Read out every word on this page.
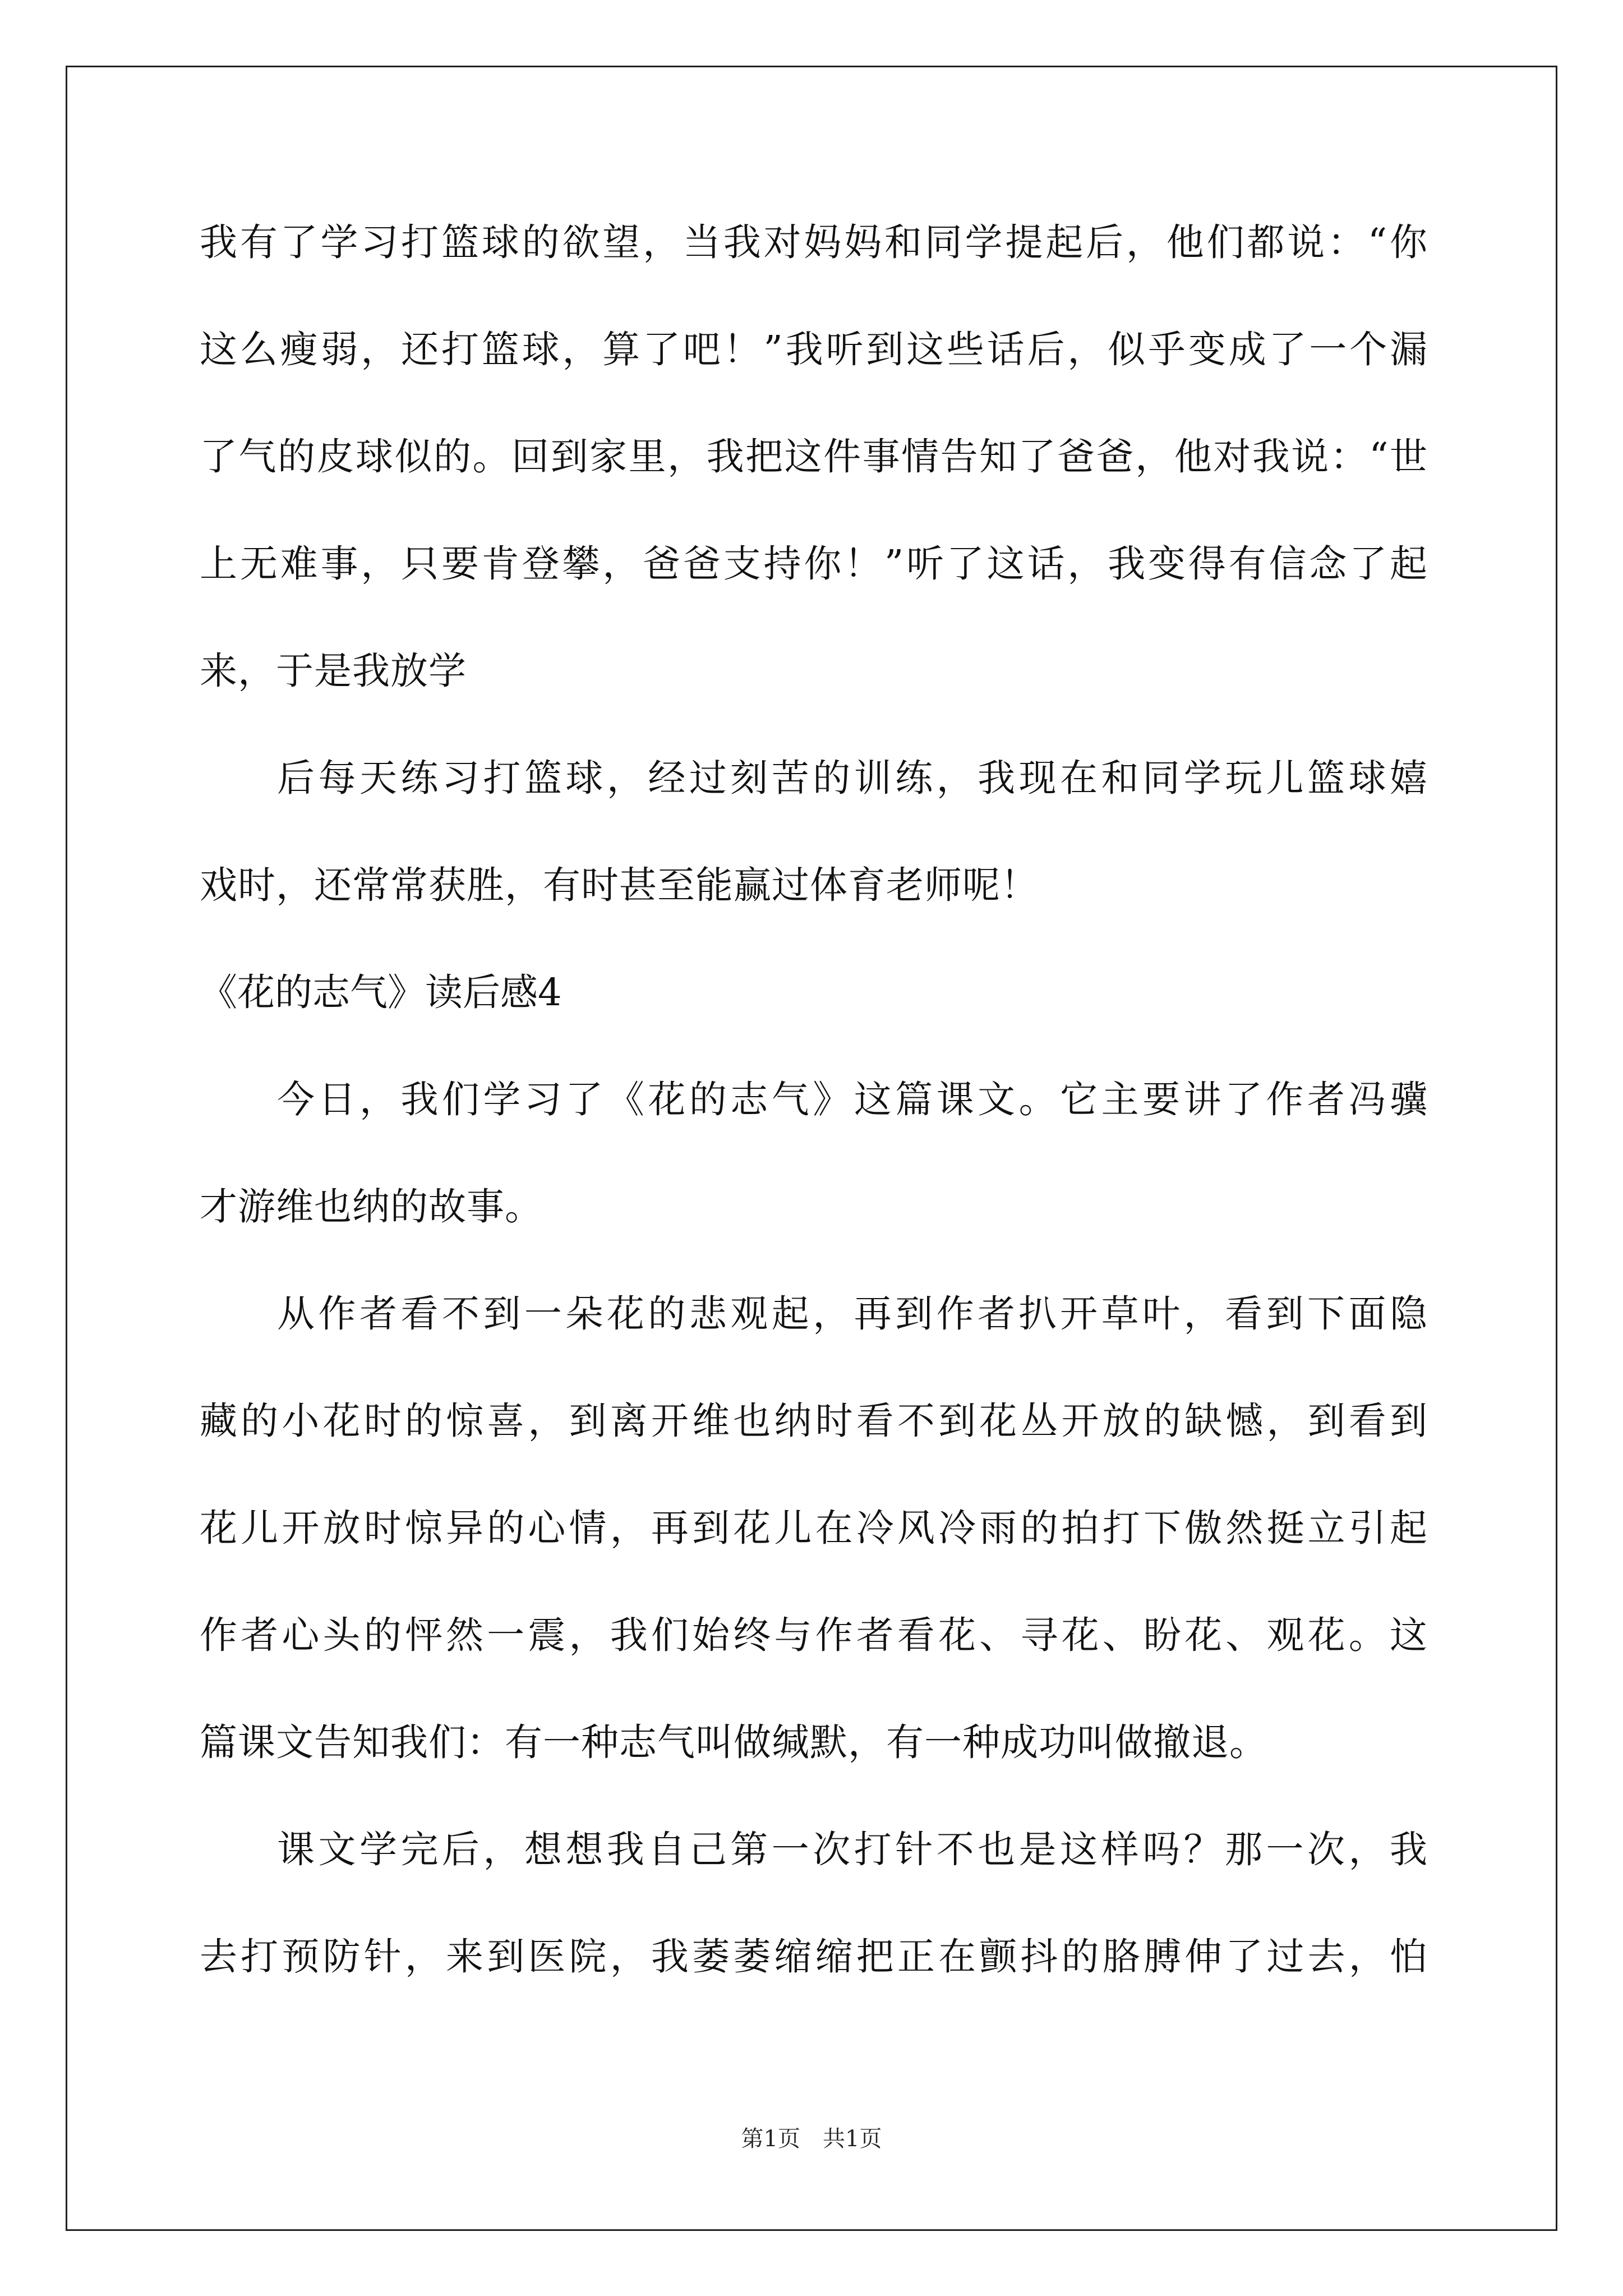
我有了学习打篮球的欲望，当我对妈妈和同学提起后，他们都说：“你
这么瘦弱，还打篮球，算了吧！”我听到这些话后，似乎变成了一个漏
了气的皮球似的。回到家里，我把这件事情告知了爸爸，他对我说：“世
上无难事，只要肯登攀，爸爸支持你！”听了这话，我变得有信念了起
来，于是我放学
后每天练习打篮球，经过刻苦的训练，我现在和同学玩儿篮球嬉
戏时，还常常获胜，有时甚至能赢过体育老师呢！
《花的志气》读后感4
今日，我们学习了《花的志气》这篇课文。它主要讲了作者冯骥
才游维也纳的故事。
从作者看不到一朵花的悲观起，再到作者扒开草叶，看到下面隐
藏的小花时的惊喜，到离开维也纳时看不到花丛开放的缺憾，到看到
花儿开放时惊异的心情，再到花儿在冷风冷雨的拍打下傲然挺立引起
作者心头的怦然一震，我们始终与作者看花、寻花、盼花、观花。这
篇课文告知我们：有一种志气叫做缄默，有一种成功叫做撤退。
课文学完后，想想我自己第一次打针不也是这样吗？那一次，我
去打预防针，来到医院，我萎萎缩缩把正在颤抖的胳膊伸了过去，怕
第1页　共1页
